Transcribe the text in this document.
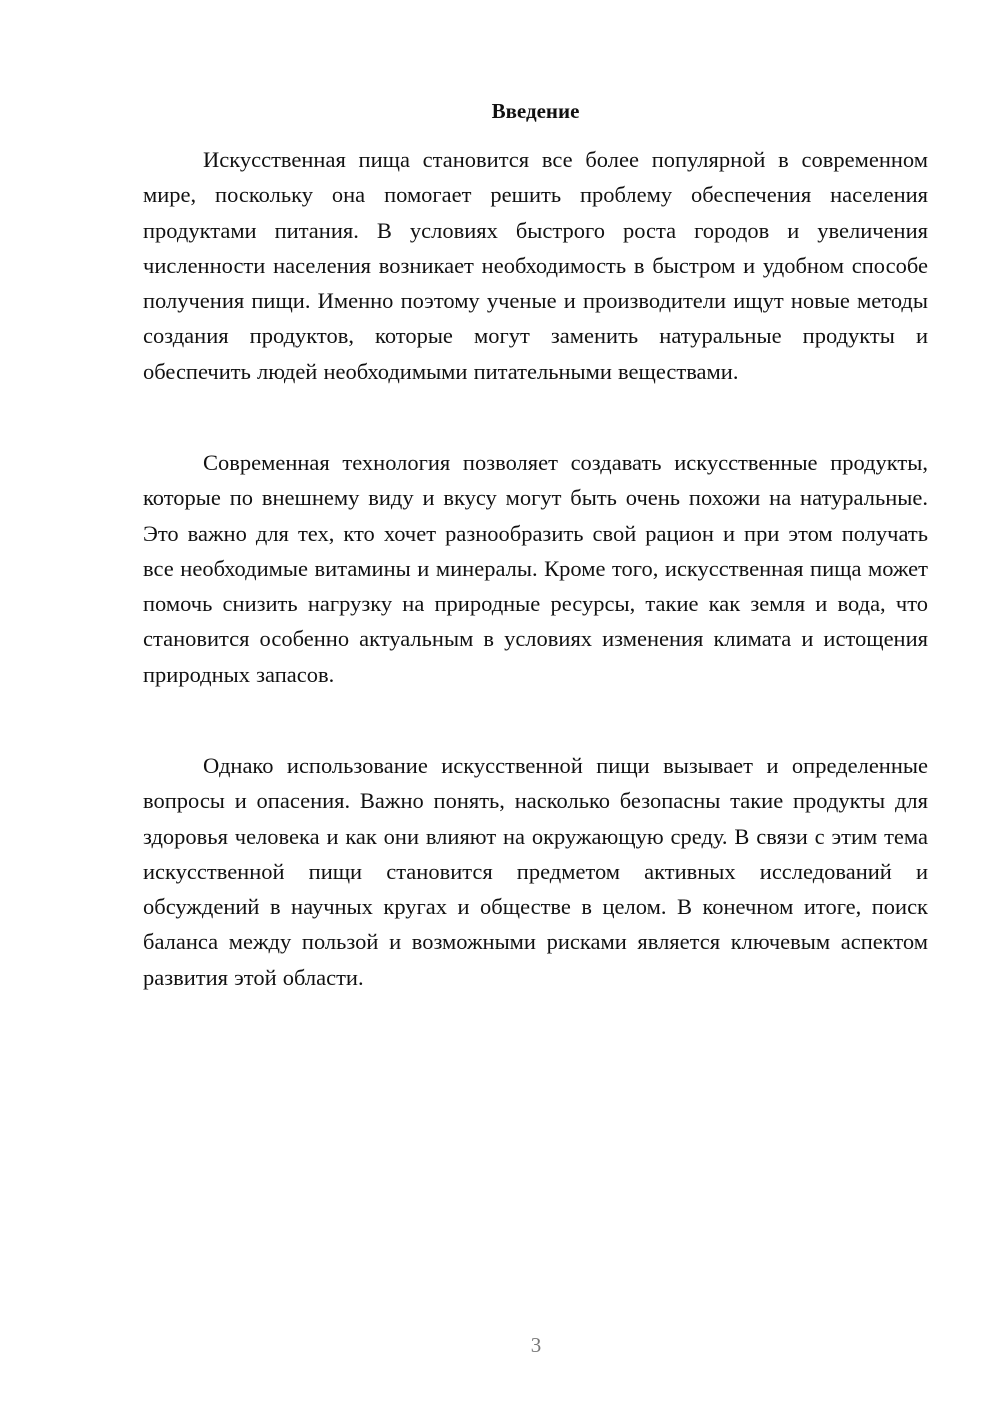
Введение

Искусственная пища становится все более популярной в современном мире, поскольку она помогает решить проблему обеспечения населения продуктами питания. В условиях быстрого роста городов и увеличения численности населения возникает необходимость в быстром и удобном способе получения пищи. Именно поэтому ученые и производители ищут новые методы создания продуктов, которые могут заменить натуральные продукты и обеспечить людей необходимыми питательными веществами.

Современная технология позволяет создавать искусственные продукты, которые по внешнему виду и вкусу могут быть очень похожи на натуральные. Это важно для тех, кто хочет разнообразить свой рацион и при этом получать все необходимые витамины и минералы. Кроме того, искусственная пища может помочь снизить нагрузку на природные ресурсы, такие как земля и вода, что становится особенно актуальным в условиях изменения климата и истощения природных запасов.

Однако использование искусственной пищи вызывает и определенные вопросы и опасения. Важно понять, насколько безопасны такие продукты для здоровья человека и как они влияют на окружающую среду. В связи с этим тема искусственной пищи становится предметом активных исследований и обсуждений в научных кругах и обществе в целом. В конечном итоге, поиск баланса между пользой и возможными рисками является ключевым аспектом развития этой области.

3
